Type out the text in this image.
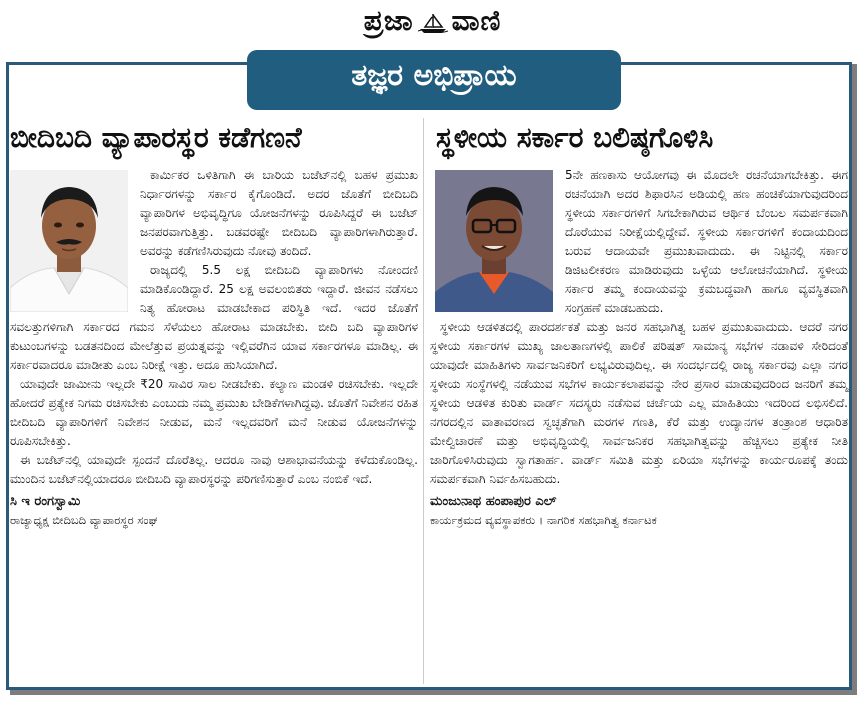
ಪ್ರಜಾ ವಾಣಿ
ತಜ್ಞರ ಅಭಿಪ್ರಾಯ
ಬೀದಿಬದಿ ವ್ಯಾಪಾರಸ್ಥರ ಕಡೆಗಣನೆ

ಕಾರ್ಮಿಕರ ಒಳಿತಿಗಾಗಿ ಈ ಬಾರಿಯ ಬಜೆಟ್‌ನಲ್ಲಿ ಬಹಳ ಪ್ರಮುಖ ನಿರ್ಧಾರಗಳನ್ನು ಸರ್ಕಾರ ಕೈಗೊಂಡಿದೆ. ಅದರ ಜೊತೆಗೆ ಬೀದಿಬದಿ ವ್ಯಾಪಾರಿಗಳ ಅಭಿವೃದ್ಧಿಗೂ ಯೋಜನೆಗಳನ್ನು ರೂಪಿಸಿದ್ದರೆ ಈ ಬಜೆಟ್ ಜನಪರವಾಗುತ್ತಿತ್ತು. ಬಡವರಷ್ಟೇ ಬೀದಿಬದಿ ವ್ಯಾಪಾರಿಗಳಾಗಿರುತ್ತಾರೆ. ಅವರನ್ನು ಕಡೆಗಣಿಸಿರುವುದು ನೋವು ತಂದಿದೆ.

ರಾಜ್ಯದಲ್ಲಿ 5.5 ಲಕ್ಷ ಬೀದಿಬದಿ ವ್ಯಾಪಾರಿಗಳು ನೋಂದಣಿ ಮಾಡಿಕೊಂಡಿದ್ದಾರೆ. 25 ಲಕ್ಷ ಅವಲಂಬಿತರು ಇದ್ದಾರೆ. ಜೀವನ ನಡೆಸಲು ನಿತ್ಯ ಹೋರಾಟ ಮಾಡಬೇಕಾದ ಪರಿಸ್ಥಿತಿ ಇದೆ. ಇದರ ಜೊತೆಗೆ ಸವಲತ್ತುಗಳಿಗಾಗಿ ಸರ್ಕಾರದ ಗಮನ ಸೆಳೆಯಲು ಹೋರಾಟ ಮಾಡಬೇಕು. ಬೀದಿ ಬದಿ ವ್ಯಾಪಾರಿಗಳ ಕುಟುಂಬಗಳನ್ನು ಬಡತನದಿಂದ ಮೇಲೆತ್ತುವ ಪ್ರಯತ್ನವನ್ನು ಇಲ್ಲಿವರೆಗಿನ ಯಾವ ಸರ್ಕಾರಗಳೂ ಮಾಡಿಲ್ಲ. ಈ ಸರ್ಕಾರವಾದರೂ ಮಾಡೀತು ಎಂಬ ನಿರೀಕ್ಷೆ ಇತ್ತು. ಅದೂ ಹುಸಿಯಾಗಿದೆ.

ಯಾವುದೇ ಜಾಮೀನು ಇಲ್ಲದೇ ₹20 ಸಾವಿರ ಸಾಲ ನೀಡಬೇಕು. ಕಲ್ಯಾಣ ಮಂಡಳಿ ರಚಿಸಬೇಕು. ಇಲ್ಲದೇ ಹೋದರೆ ಪ್ರತ್ಯೇಕ ನಿಗಮ ರಚಿಸಬೇಕು ಎಂಬುದು ನಮ್ಮ ಪ್ರಮುಖ ಬೇಡಿಕೆಗಳಾಗಿದ್ದವು. ಜೊತೆಗೆ ನಿವೇಶನ ರಹಿತ ಬೀದಿಬದಿ ವ್ಯಾಪಾರಿಗಳಿಗೆ ನಿವೇಶನ ನೀಡುವ, ಮನೆ ಇಲ್ಲದವರಿಗೆ ಮನೆ ನೀಡುವ ಯೋಜನೆಗಳನ್ನು ರೂಪಿಸಬೇಕಿತ್ತು.

ಈ ಬಜೆಟ್‌ನಲ್ಲಿ ಯಾವುದೇ ಸ್ಪಂದನೆ ದೊರೆತಿಲ್ಲ. ಆದರೂ ನಾವು ಆಶಾಭಾವನೆಯನ್ನು ಕಳೆದುಕೊಂಡಿಲ್ಲ. ಮುಂದಿನ ಬಜೆಟ್‌ನಲ್ಲಿಯಾದರೂ ಬೀದಿಬದಿ ವ್ಯಾಪಾರಸ್ಥರನ್ನು ಪರಿಗಣಿಸುತ್ತಾರೆ ಎಂಬ ನಂಬಿಕೆ ಇದೆ.

ಸಿ ಇ ರಂಗಸ್ವಾಮಿ
ರಾಜ್ಯಾಧ್ಯಕ್ಷ ಬೀದಿಬದಿ ವ್ಯಾಪಾರಸ್ಥರ ಸಂಘ
ಸ್ಥಳೀಯ ಸರ್ಕಾರ ಬಲಿಷ್ಠಗೊಳಿಸಿ

5ನೇ ಹಣಕಾಸು ಆಯೋಗವು ಈ ಮೊದಲೇ ರಚನೆಯಾಗಬೇಕಿತ್ತು. ಈಗ ರಚನೆಯಾಗಿ ಅದರ ಶಿಫಾರಸಿನ ಅಡಿಯಲ್ಲಿ ಹಣ ಹಂಚಿಕೆಯಾಗುವುದರಿಂದ ಸ್ಥಳೀಯ ಸರ್ಕಾರಗಳಿಗೆ ಸಿಗಬೇಕಾಗಿರುವ ಆರ್ಥಿಕ ಬೆಂಬಲ ಸಮರ್ಪಕವಾಗಿ ದೊರೆಯುವ ನಿರೀಕ್ಷೆಯಲ್ಲಿದ್ದೇವೆ. ಸ್ಥಳೀಯ ಸರ್ಕಾರಗಳಿಗೆ ಕಂದಾಯದಿಂದ ಬರುವ ಆದಾಯವೇ ಪ್ರಮುಖವಾದುದು. ಈ ನಿಟ್ಟಿನಲ್ಲಿ ಸರ್ಕಾರ ಡಿಜಿಟಲೀಕರಣ ಮಾಡಿರುವುದು ಒಳ್ಳೆಯ ಆಲೋಚನೆಯಾಗಿದೆ. ಸ್ಥಳೀಯ ಸರ್ಕಾರ ತಮ್ಮ ಕಂದಾಯವನ್ನು ಕ್ರಮಬದ್ಧವಾಗಿ ಹಾಗೂ ವ್ಯವಸ್ಥಿತವಾಗಿ ಸಂಗ್ರಹಣೆ ಮಾಡಬಹುದು.

ಸ್ಥಳೀಯ ಆಡಳಿತದಲ್ಲಿ ಪಾರದರ್ಶಕತೆ ಮತ್ತು ಜನರ ಸಹಭಾಗಿತ್ವ ಬಹಳ ಪ್ರಮುಖವಾದುದು. ಆದರೆ ನಗರ ಸ್ಥಳೀಯ ಸರ್ಕಾರಗಳ ಮುಖ್ಯ ಜಾಲತಾಣಗಳಲ್ಲಿ ಪಾಲಿಕೆ ಪರಿಷತ್ ಸಾಮಾನ್ಯ ಸಭೆಗಳ ನಡಾವಳಿ ಸೇರಿದಂತೆ ಯಾವುದೇ ಮಾಹಿತಿಗಳು ಸಾರ್ವಜನಿಕರಿಗೆ ಲಭ್ಯವಿರುವುದಿಲ್ಲ. ಈ ಸಂದರ್ಭದಲ್ಲಿ ರಾಜ್ಯ ಸರ್ಕಾರವು ಎಲ್ಲಾ ನಗರ ಸ್ಥಳೀಯ ಸಂಸ್ಥೆಗಳಲ್ಲಿ ನಡೆಯುವ ಸಭೆಗಳ ಕಾರ್ಯಕಲಾಪವನ್ನು ನೇರ ಪ್ರಸಾರ ಮಾಡುವುದರಿಂದ ಜನರಿಗೆ ತಮ್ಮ ಸ್ಥಳೀಯ ಆಡಳಿತ ಕುರಿತು ವಾರ್ಡ್ ಸದಸ್ಯರು ನಡೆಸುವ ಚರ್ಚೆಯ ಎಲ್ಲ ಮಾಹಿತಿಯು ಇದರಿಂದ ಲಭಿಸಲಿದೆ. ನಗರದಲ್ಲಿನ ವಾತಾವರಣದ ಸ್ವಚ್ಛತೆಗಾಗಿ ಮರಗಳ ಗಣತಿ, ಕೆರೆ ಮತ್ತು ಉದ್ಯಾನಗಳ ತಂತ್ರಾಂಶ ಆಧಾರಿತ ಮೇಲ್ವಿಚಾರಣೆ ಮತ್ತು ಅಭಿವೃದ್ಧಿಯಲ್ಲಿ ಸಾರ್ವಜನಿಕರ ಸಹಭಾಗಿತ್ವವನ್ನು ಹೆಚ್ಚಿಸಲು ಪ್ರತ್ಯೇಕ ನೀತಿ ಜಾರಿಗೊಳಿಸಿರುವುದು ಸ್ವಾಗತಾರ್ಹ. ವಾರ್ಡ್ ಸಮಿತಿ ಮತ್ತು ಏರಿಯಾ ಸಭೆಗಳನ್ನು ಕಾರ್ಯರೂಪಕ್ಕೆ ತಂದು ಸಮರ್ಪಕವಾಗಿ ನಿರ್ವಹಿಸಬಹುದು.

ಮಂಜುನಾಥ ಹಂಪಾಪುರ ಎಲ್
ಕಾರ್ಯಕ್ರಮದ ವ್ಯವಸ್ಥಾಪಕರು । ನಾಗರಿಕ ಸಹಭಾಗಿತ್ವ ಕರ್ನಾಟಕ
